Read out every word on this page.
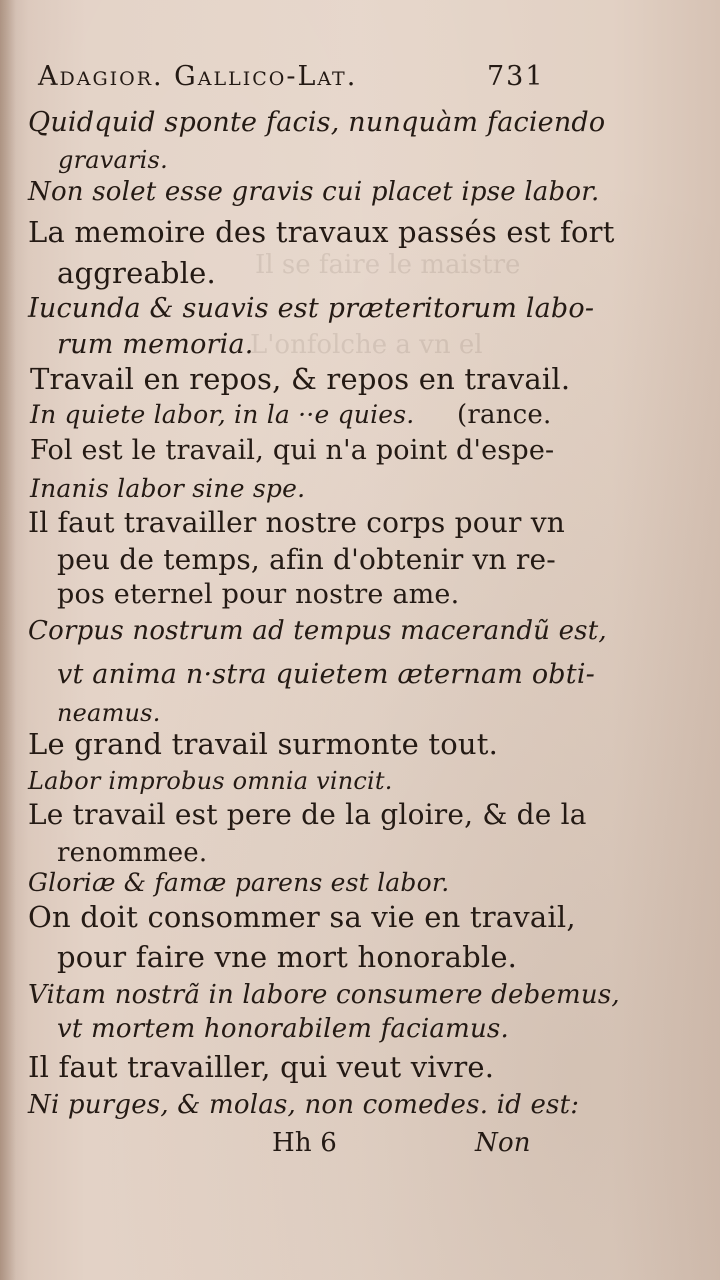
Il se faire le maistre
L'onfolche a vn el
Adagior. Gallico-Lat.	731
Quidquid sponte facis, nunquàm faciendo
gravaris.
Non solet esse gravis cui placet ipse labor.
La memoire des travaux passés est fort
aggreable.
Iucunda & suavis est præteritorum labo-
rum memoria.
Travail en repos, & repos en travail.
In quiete labor, in la ··e quies. (rance.
Fol est le travail, qui n'a point d'espe-
Inanis labor sine spe.
Il faut travailler nostre corps pour vn
peu de temps, afin d'obtenir vn re-
pos eternel pour nostre ame.
Corpus nostrum ad tempus macerandũ est,
vt anima n·stra quietem æternam obti-
neamus.
Le grand travail surmonte tout.
Labor improbus omnia vincit.
Le travail est pere de la gloire, & de la
renommee.
Gloriæ & famæ parens est labor.
On doit consommer sa vie en travail,
pour faire vne mort honorable.
Vitam nostrã in labore consumere debemus,
vt mortem honorabilem faciamus.
Il faut travailler, qui veut vivre.
Ni purges, & molas, non comedes. id est:
Hh 6	Non
